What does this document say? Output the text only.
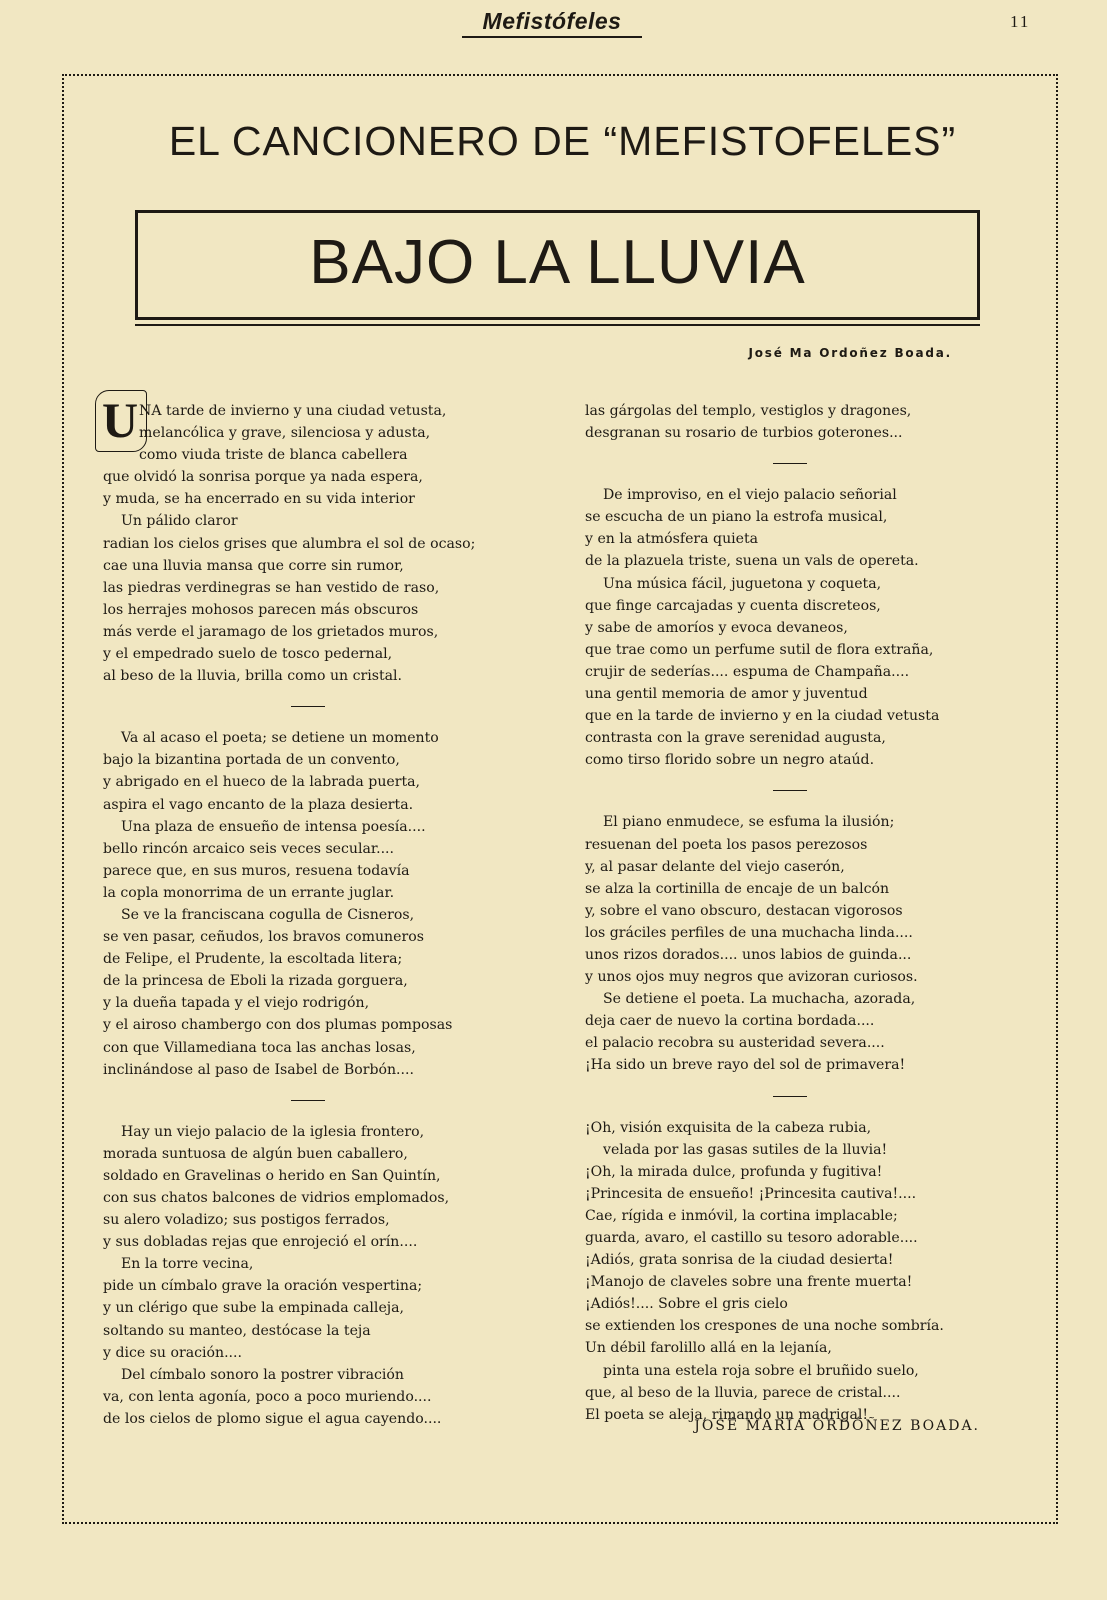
Mefistófeles	11
EL CANCIONERO DE “MEFISTOFELES”
BAJO LA LLUVIA
José Ma Ordoñez Boada.
U NA tarde de invierno y una ciudad vetusta,
melancólica y grave, silenciosa y adusta,
como viuda triste de blanca cabellera
que olvidó la sonrisa porque ya nada espera,
y muda, se ha encerrado en su vida interior
Un pálido claror
radian los cielos grises que alumbra el sol de ocaso;
cae una lluvia mansa que corre sin rumor,
las piedras verdinegras se han vestido de raso,
los herrajes mohosos parecen más obscuros
más verde el jaramago de los grietados muros,
y el empedrado suelo de tosco pedernal,
al beso de la lluvia, brilla como un cristal.
Va al acaso el poeta; se detiene un momento
bajo la bizantina portada de un convento,
y abrigado en el hueco de la labrada puerta,
aspira el vago encanto de la plaza desierta.
Una plaza de ensueño de intensa poesía....
bello rincón arcaico seis veces secular....
parece que, en sus muros, resuena todavía
la copla monorrima de un errante juglar.
Se ve la franciscana cogulla de Cisneros,
se ven pasar, ceñudos, los bravos comuneros
de Felipe, el Prudente, la escoltada litera;
de la princesa de Eboli la rizada gorguera,
y la dueña tapada y el viejo rodrigón,
y el airoso chambergo con dos plumas pomposas
con que Villamediana toca las anchas losas,
inclinándose al paso de Isabel de Borbón....
Hay un viejo palacio de la iglesia frontero,
morada suntuosa de algún buen caballero,
soldado en Gravelinas o herido en San Quintín,
con sus chatos balcones de vidrios emplomados,
su alero voladizo; sus postigos ferrados,
y sus dobladas rejas que enrojeció el orín....
En la torre vecina,
pide un címbalo grave la oración vespertina;
y un clérigo que sube la empinada calleja,
soltando su manteo, destócase la teja
y dice su oración....
Del címbalo sonoro la postrer vibración
va, con lenta agonía, poco a poco muriendo....
de los cielos de plomo sigue el agua cayendo....
las gárgolas del templo, vestiglos y dragones,
desgranan su rosario de turbios goterones...
De improviso, en el viejo palacio señorial
se escucha de un piano la estrofa musical,
y en la atmósfera quieta
de la plazuela triste, suena un vals de opereta.
Una música fácil, juguetona y coqueta,
que finge carcajadas y cuenta discreteos,
y sabe de amoríos y evoca devaneos,
que trae como un perfume sutil de flora extraña,
crujir de sederías.... espuma de Champaña....
una gentil memoria de amor y juventud
que en la tarde de invierno y en la ciudad vetusta
contrasta con la grave serenidad augusta,
como tirso florido sobre un negro ataúd.
El piano enmudece, se esfuma la ilusión;
resuenan del poeta los pasos perezosos
y, al pasar delante del viejo caserón,
se alza la cortinilla de encaje de un balcón
y, sobre el vano obscuro, destacan vigorosos
los gráciles perfiles de una muchacha linda....
unos rizos dorados.... unos labios de guinda...
y unos ojos muy negros que avizoran curiosos.
Se detiene el poeta. La muchacha, azorada,
deja caer de nuevo la cortina bordada....
el palacio recobra su austeridad severa....
¡Ha sido un breve rayo del sol de primavera!
¡Oh, visión exquisita de la cabeza rubia,
velada por las gasas sutiles de la lluvia!
¡Oh, la mirada dulce, profunda y fugitiva!
¡Princesita de ensueño! ¡Princesita cautiva!....
Cae, rígida e inmóvil, la cortina implacable;
guarda, avaro, el castillo su tesoro adorable....
¡Adiós, grata sonrisa de la ciudad desierta!
¡Manojo de claveles sobre una frente muerta!
¡Adiós!.... Sobre el gris cielo
se extienden los crespones de una noche sombría.
Un débil farolillo allá en la lejanía,
pinta una estela roja sobre el bruñido suelo,
que, al beso de la lluvia, parece de cristal....
El poeta se aleja, rimando un madrigal!
JOSÉ MARÍA ORDÓÑEZ BOADA.
